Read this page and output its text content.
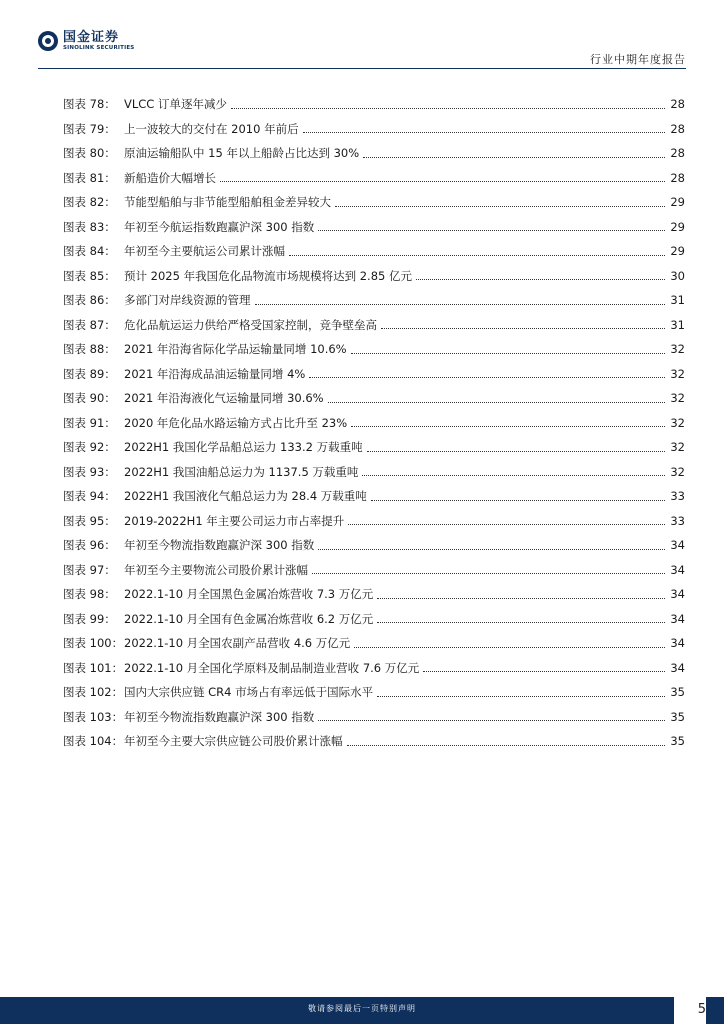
国金证券
SINOLINK SECURITIES
行业中期年度报告
图表 78： VLCC 订单逐年减少	28
图表 79： 上一波较大的交付在 2010 年前后	28
图表 80： 原油运输船队中 15 年以上船龄占比达到 30%	28
图表 81： 新船造价大幅增长	28
图表 82： 节能型船舶与非节能型船舶租金差异较大	29
图表 83： 年初至今航运指数跑赢沪深 300 指数	29
图表 84： 年初至今主要航运公司累计涨幅	29
图表 85： 预计 2025 年我国危化品物流市场规模将达到 2.85 亿元	30
图表 86： 多部门对岸线资源的管理	31
图表 87： 危化品航运运力供给严格受国家控制，竞争壁垒高	31
图表 88： 2021 年沿海省际化学品运输量同增 10.6%	32
图表 89： 2021 年沿海成品油运输量同增 4%	32
图表 90： 2021 年沿海液化气运输量同增 30.6%	32
图表 91： 2020 年危化品水路运输方式占比升至 23%	32
图表 92： 2022H1 我国化学品船总运力 133.2 万载重吨	32
图表 93： 2022H1 我国油船总运力为 1137.5 万载重吨	32
图表 94： 2022H1 我国液化气船总运力为 28.4 万载重吨	33
图表 95： 2019-2022H1 年主要公司运力市占率提升	33
图表 96： 年初至今物流指数跑赢沪深 300 指数	34
图表 97： 年初至今主要物流公司股价累计涨幅	34
图表 98： 2022.1-10 月全国黑色金属冶炼营收 7.3 万亿元	34
图表 99： 2022.1-10 月全国有色金属冶炼营收 6.2 万亿元	34
图表 100： 2022.1-10 月全国农副产品营收 4.6 万亿元	34
图表 101： 2022.1-10 月全国化学原料及制品制造业营收 7.6 万亿元	34
图表 102： 国内大宗供应链 CR4 市场占有率远低于国际水平	35
图表 103： 年初至今物流指数跑赢沪深 300 指数	35
图表 104： 年初至今主要大宗供应链公司股价累计涨幅	35
敬请参阅最后一页特别声明	5
